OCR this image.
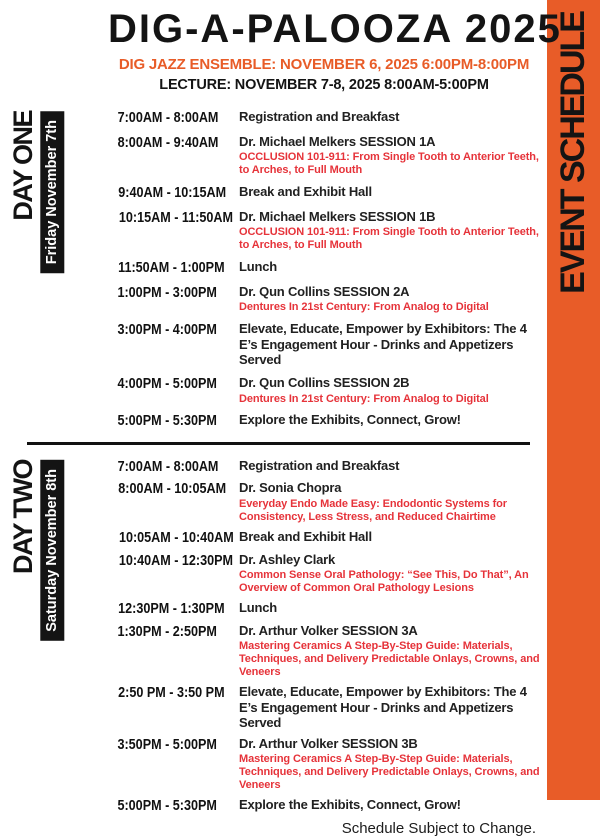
EVENT SCHEDULE
DIG-A-PALOOZA 2025
DIG JAZZ ENSEMBLE: NOVEMBER 6, 2025 6:00PM-8:00PM
LECTURE: NOVEMBER 7-8, 2025 8:00AM-5:00PM
DAY ONE Friday November 7th
7:00AM - 8:00AM	Registration and Breakfast
8:00AM - 9:40AM	Dr. Michael Melkers SESSION 1A
OCCLUSION 101-911: From Single Tooth to Anterior Teeth, to Arches, to Full Mouth
9:40AM - 10:15AM Break and Exhibit Hall
10:15AM - 11:50AM Dr. Michael Melkers SESSION 1B
OCCLUSION 101-911: From Single Tooth to Anterior Teeth, to Arches, to Full Mouth
11:50AM - 1:00PM Lunch
1:00PM - 3:00PM	Dr. Qun Collins SESSION 2A
Dentures In 21st Century: From Analog to Digital
3:00PM - 4:00PM	Elevate, Educate, Empower by Exhibitors: The 4 E’s Engagement Hour - Drinks and Appetizers Served
4:00PM - 5:00PM	Dr. Qun Collins SESSION 2B
Dentures In 21st Century: From Analog to Digital
5:00PM - 5:30PM	Explore the Exhibits, Connect, Grow!
DAY TWO Saturday November 8th
7:00AM - 8:00AM	Registration and Breakfast
8:00AM - 10:05AM Dr. Sonia Chopra
Everyday Endo Made Easy: Endodontic Systems for Consistency, Less Stress, and Reduced Chairtime
10:05AM - 10:40AM Break and Exhibit Hall
10:40AM - 12:30PM Dr. Ashley Clark
Common Sense Oral Pathology: “See This, Do That”, An Overview of Common Oral Pathology Lesions
12:30PM - 1:30PM Lunch
1:30PM - 2:50PM	Dr. Arthur Volker SESSION 3A
Mastering Ceramics A Step-By-Step Guide: Materials, Techniques, and Delivery Predictable Onlays, Crowns, and Veneers
2:50 PM - 3:50 PM Elevate, Educate, Empower by Exhibitors: The 4 E’s Engagement Hour - Drinks and Appetizers Served
3:50PM - 5:00PM	Dr. Arthur Volker SESSION 3B
Mastering Ceramics A Step-By-Step Guide: Materials, Techniques, and Delivery Predictable Onlays, Crowns, and Veneers
5:00PM - 5:30PM	Explore the Exhibits, Connect, Grow!
Schedule Subject to Change.
